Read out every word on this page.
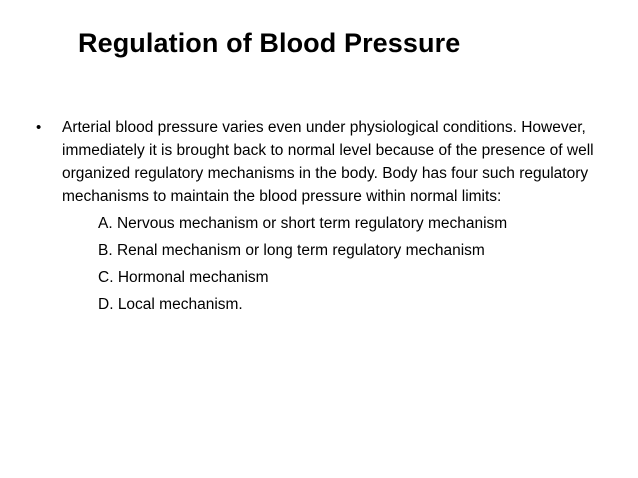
Regulation of Blood Pressure
•	Arterial blood pressure varies even under physiological conditions. However, immediately it is brought back to normal level because of the presence of well organized regulatory mechanisms in the body. Body has four such regulatory mechanisms to maintain the blood pressure within normal limits:
A. Nervous mechanism or short term regulatory mechanism
B. Renal mechanism or long term regulatory mechanism
C. Hormonal mechanism
D. Local mechanism.
